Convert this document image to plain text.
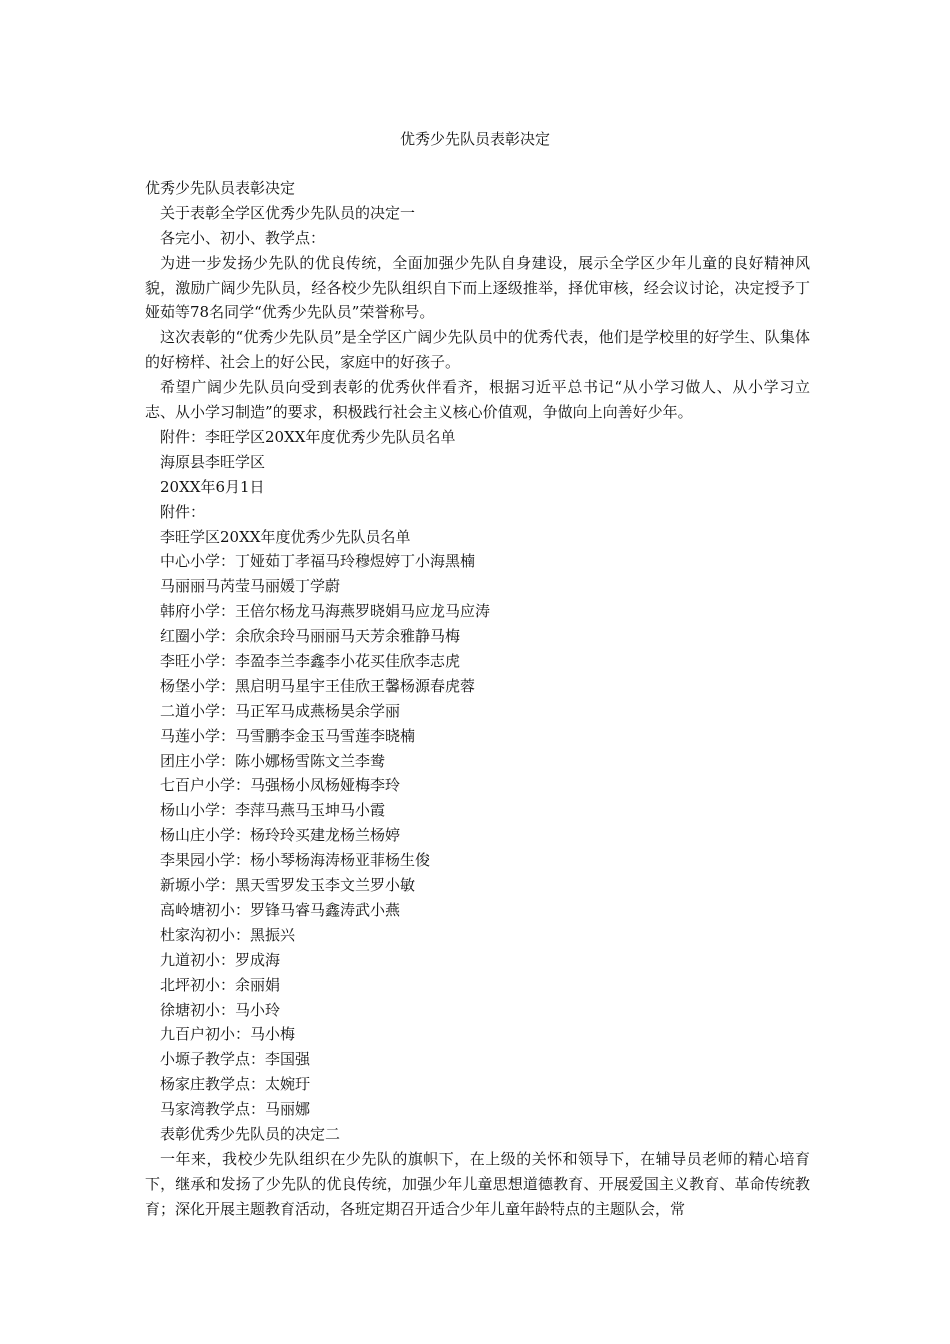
优秀少先队员表彰决定
优秀少先队员表彰决定
关于表彰全学区优秀少先队员的决定一
各完小、初小、教学点：
为进一步发扬少先队的优良传统，全面加强少先队自身建设，展示全学区少年儿童的良好精神风貌，激励广阔少先队员，经各校少先队组织自下而上逐级推举，择优审核，经会议讨论，决定授予丁娅茹等78名同学“优秀少先队员”荣誉称号。
这次表彰的“优秀少先队员”是全学区广阔少先队员中的优秀代表，他们是学校里的好学生、队集体的好榜样、社会上的好公民，家庭中的好孩子。
希望广阔少先队员向受到表彰的优秀伙伴看齐，根据习近平总书记“从小学习做人、从小学习立志、从小学习制造”的要求，积极践行社会主义核心价值观，争做向上向善好少年。
附件：李旺学区20XX年度优秀少先队员名单
海原县李旺学区
20XX年6月1日
附件：
李旺学区20XX年度优秀少先队员名单
中心小学：丁娅茹丁孝福马玲穆煜婷丁小海黑楠
马丽丽马芮莹马丽媛丁学蔚
韩府小学：王倍尔杨龙马海燕罗晓娟马应龙马应涛
红圈小学：余欣余玲马丽丽马天芳余雅静马梅
李旺小学：李盈李兰李鑫李小花买佳欣李志虎
杨堡小学：黑启明马星宇王佳欣王馨杨源春虎蓉
二道小学：马正军马成燕杨昊余学丽
马莲小学：马雪鹏李金玉马雪莲李晓楠
团庄小学：陈小娜杨雪陈文兰李鸯
七百户小学：马强杨小凤杨娅梅李玲
杨山小学：李萍马燕马玉坤马小霞
杨山庄小学：杨玲玲买建龙杨兰杨婷
李果园小学：杨小琴杨海涛杨亚菲杨生俊
新塬小学：黑天雪罗发玉李文兰罗小敏
高岭塘初小：罗锋马睿马鑫涛武小燕
杜家沟初小：黑振兴
九道初小：罗成海
北坪初小：余丽娟
徐塘初小：马小玲
九百户初小：马小梅
小塬子教学点：李国强
杨家庄教学点：太婉玗
马家湾教学点：马丽娜
表彰优秀少先队员的决定二
一年来，我校少先队组织在少先队的旗帜下，在上级的关怀和领导下，在辅导员老师的精心培育下，继承和发扬了少先队的优良传统，加强少年儿童思想道德教育、开展爱国主义教育、革命传统教育；深化开展主题教育活动，各班定期召开适合少年儿童年龄特点的主题队会，常
